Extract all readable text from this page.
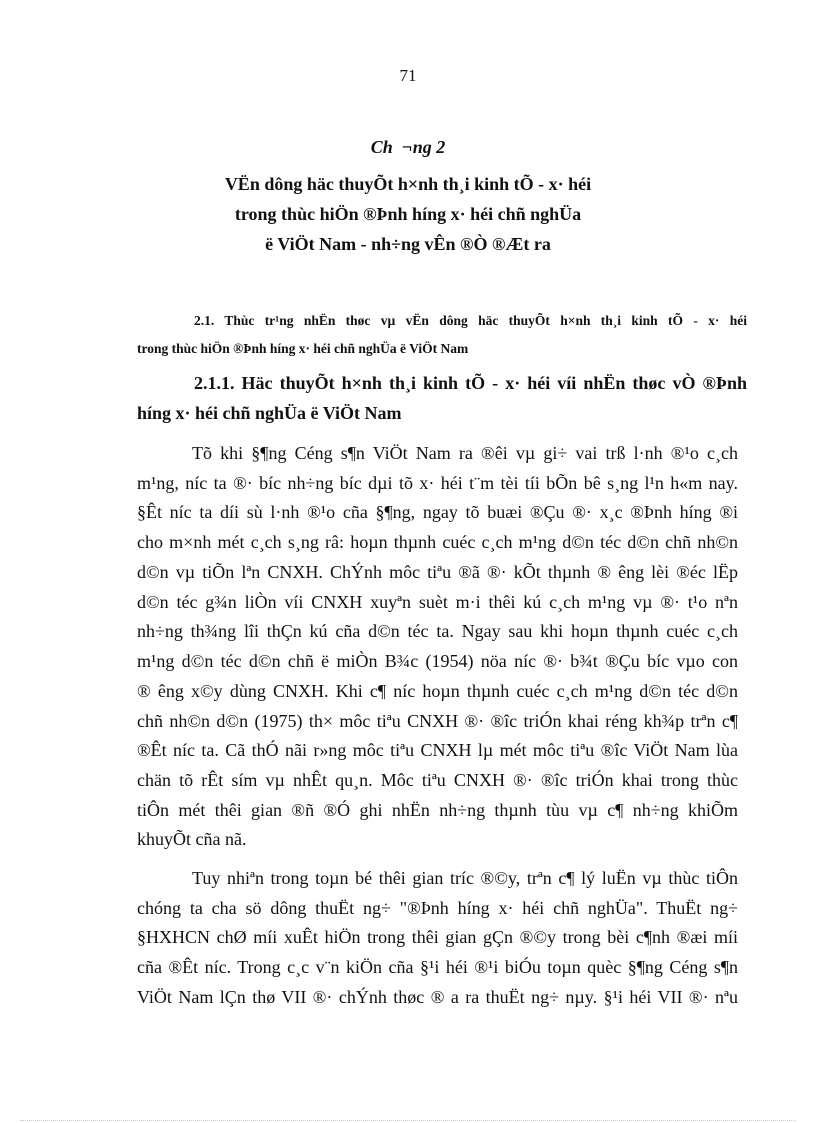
71
Ch  ¬ng 2
VËn dông häc thuyÕt h×nh th¸i kinh tÕ - x· héi
trong thùc hiÖn ®Þnh híng x· héi chñ nghÜa
ë ViÖt Nam - nh÷ng vÊn ®Ò ®Æt ra
2.1. Thùc tr¹ng nhËn thøc vµ vËn dông häc thuyÕt h×nh th¸i kinh tÕ - x· héi
trong thùc hiÖn ®Þnh híng x· héi chñ nghÜa ë ViÖt Nam
2.1.1. Häc thuyÕt h×nh th¸i kinh tÕ - x· héi víi nhËn thøc vÒ ®Þnh
híng x· héi chñ nghÜa ë ViÖt Nam
Tõ khi §¶ng Céng s¶n ViÖt Nam ra ®êi vµ gi÷ vai trß l·nh ®¹o c¸ch
m¹ng, níc ta ®· bíc nh÷ng bíc dµi tõ x· héi t¨m tèi tíi bÕn bê s¸ng l¹n h«m nay.
§Êt níc ta díi sù l·nh ®¹o cña §¶ng, ngay tõ buæi ®Çu ®· x¸c ®Þnh híng ®i
cho m×nh mét c¸ch s¸ng râ: hoµn thµnh cuéc c¸ch m¹ng d©n téc d©n chñ nh©n
d©n vµ tiÕn lªn CNXH. ChÝnh môc tiªu ®ã ®· kÕt thµnh ® êng lèi ®éc lËp
d©n téc g¾n liÒn víi CNXH xuyªn suèt m·i thêi kú c¸ch m¹ng vµ ®· t¹o nªn
nh÷ng th¾ng lîi thÇn kú cña d©n téc ta. Ngay sau khi hoµn thµnh cuéc c¸ch
m¹ng d©n téc d©n chñ ë miÒn B¾c (1954) nöa níc ®· b¾t ®Çu bíc vµo con
® êng x©y dùng CNXH. Khi c¶ níc hoµn thµnh cuéc c¸ch m¹ng d©n téc d©n
chñ nh©n d©n (1975) th× môc tiªu CNXH ®· ®îc triÓn khai réng kh¾p trªn c¶
®Êt níc ta. Cã thÓ nãi r»ng môc tiªu CNXH lµ mét môc tiªu ®îc ViÖt Nam lùa
chän tõ rÊt sím vµ nhÊt qu¸n. Môc tiªu CNXH ®· ®îc triÓn khai trong thùc
tiÔn mét thêi gian ®ñ ®Ó ghi nhËn nh÷ng thµnh tùu vµ c¶ nh÷ng khiÕm
khuyÕt cña nã.
Tuy nhiªn trong toµn bé thêi gian tríc ®©y, trªn c¶ lý luËn vµ thùc tiÔn
chóng ta cha sö dông thuËt ng÷ "®Þnh híng x· héi chñ nghÜa". ThuËt ng÷
§HXHCN chØ míi xuÊt hiÖn trong thêi gian gÇn ®©y trong bèi c¶nh ®æi míi
cña ®Êt níc. Trong c¸c v¨n kiÖn cña §¹i héi ®¹i biÓu toµn quèc §¶ng Céng s¶n
ViÖt Nam lÇn thø VII ®· chÝnh thøc ® a ra thuËt ng÷ nµy. §¹i héi VII ®· nªu
